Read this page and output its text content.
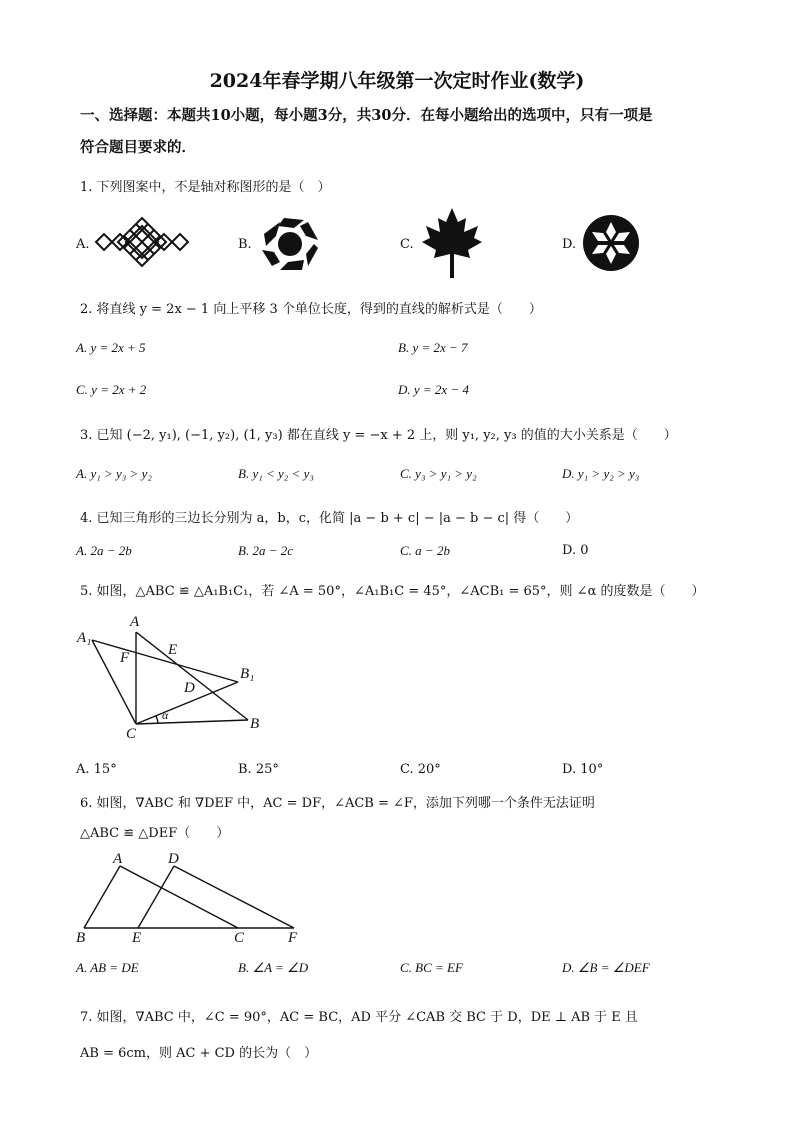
2024年春学期八年级第一次定时作业(数学)
一、选择题：本题共10小题，每小题3分，共30分．在每小题给出的选项中，只有一项是
符合题目要求的．
1. 下列图案中，不是轴对称图形的是（　）
A.	B.	C.	D.
2. 将直线 y = 2x − 1 向上平移 3 个单位长度，得到的直线的解析式是（　　）
A. y = 2x + 5	B. y = 2x − 7
C. y = 2x + 2	D. y = 2x − 4
3. 已知 (−2, y₁), (−1, y₂), (1, y₃) 都在直线 y = −x + 2 上，则 y₁, y₂, y₃ 的值的大小关系是（　　）
A. y₁ > y₃ > y₂	B. y₁ < y₂ < y₃	C. y₃ > y₁ > y₂	D. y₁ > y₂ > y₃
4. 已知三角形的三边长分别为 a，b，c，化简 |a − b + c| − |a − b − c| 得（　　）
A. 2a − 2b	B. 2a − 2c	C. a − 2b	D. 0
5. 如图，△ABC ≌ △A₁B₁C₁，若 ∠A = 50°，∠A₁B₁C = 45°，∠ACB₁ = 65°，则 ∠α 的度数是（　　）
A₁
A
F	E
B₁
D
α
B
C
A. 15°	B. 25°	C. 20°	D. 10°
6. 如图，∇ABC 和 ∇DEF 中，AC = DF，∠ACB = ∠F，添加下列哪一个条件无法证明
△ABC ≌ △DEF（　　）
A	D
B	E	C	F
A. AB = DE	B. ∠A = ∠D	C. BC = EF	D. ∠B = ∠DEF
7. 如图，∇ABC 中，∠C = 90°，AC = BC，AD 平分 ∠CAB 交 BC 于 D，DE ⊥ AB 于 E 且
AB = 6cm，则 AC + CD 的长为（　）
